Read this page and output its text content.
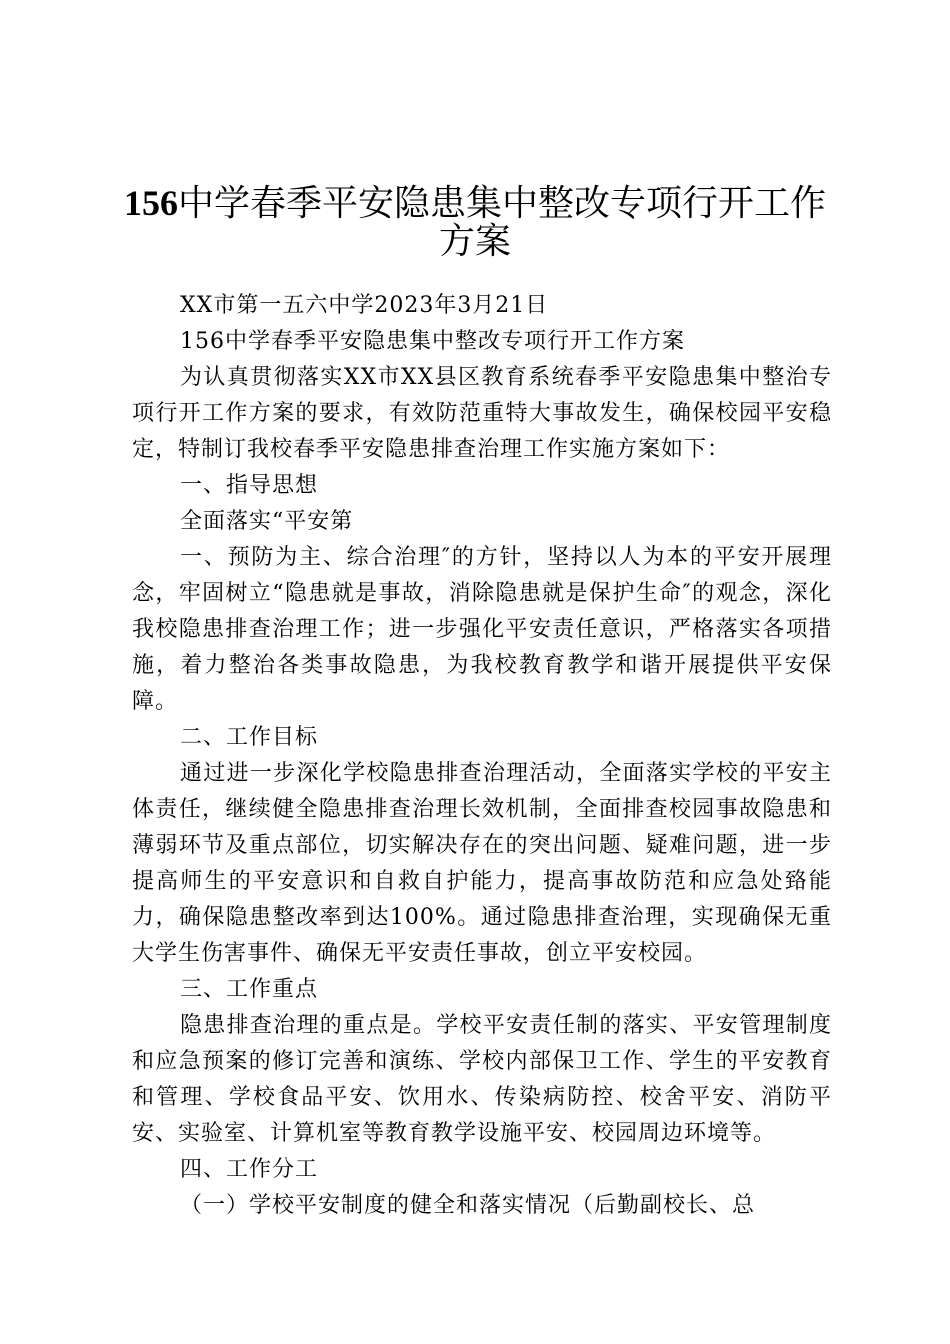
156中学春季平安隐患集中整改专项行开工作
方案

XX市第一五六中学2023年3月21日

156中学春季平安隐患集中整改专项行开工作方案

为认真贯彻落实XX市XX县区教育系统春季平安隐患集中整治专项行开工作方案的要求，有效防范重特大事故发生，确保校园平安稳定，特制订我校春季平安隐患排查治理工作实施方案如下：

一、指导思想

全面落实“平安第

一、预防为主、综合治理″的方针，坚持以人为本的平安开展理念，牢固树立“隐患就是事故，消除隐患就是保护生命″的观念，深化我校隐患排查治理工作；进一步强化平安责任意识，严格落实各项措施，着力整治各类事故隐患，为我校教育教学和谐开展提供平安保障。

二、工作目标

通过进一步深化学校隐患排查治理活动，全面落实学校的平安主体责任，继续健全隐患排查治理长效机制，全面排查校园事故隐患和薄弱环节及重点部位，切实解决存在的突出问题、疑难问题，进一步提高师生的平安意识和自救自护能力，提高事故防范和应急处臵能力，确保隐患整改率到达100%。通过隐患排查治理，实现确保无重大学生伤害事件、确保无平安责任事故，创立平安校园。

三、工作重点

隐患排查治理的重点是。学校平安责任制的落实、平安管理制度和应急预案的修订完善和演练、学校内部保卫工作、学生的平安教育和管理、学校食品平安、饮用水、传染病防控、校舍平安、消防平安、实验室、计算机室等教育教学设施平安、校园周边环境等。

四、工作分工

（一）学校平安制度的健全和落实情况（后勤副校长、总
